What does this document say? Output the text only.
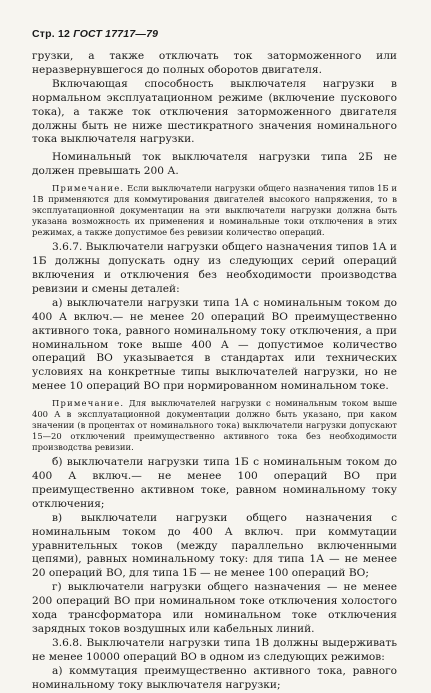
Стр. 12 ГОСТ 17717—79

грузки, а также отключать ток заторможенного или неразвернувшегося до полных оборотов двигателя.

Включающая способность выключателя нагрузки в нормальном эксплуатационном режиме (включение пускового тока), а также ток отключения заторможенного двигателя должны быть не ниже шестикратного значения номинального тока выключателя нагрузки.

Номинальный ток выключателя нагрузки типа 2Б не должен превышать 200 А.

Примечание. Если выключатели нагрузки общего назначения типов 1Б и 1В применяются для коммутирования двигателей высокого напряжения, то в эксплуатационной документации на эти выключатели нагрузки должна быть указана возможность их применения и номинальные токи отключения в этих режимах, а также допустимое без ревизии количество операций.

3.6.7. Выключатели нагрузки общего назначения типов 1А и 1Б должны допускать одну из следующих серий операций включения и отключения без необходимости производства ревизии и смены деталей:

а) выключатели нагрузки типа 1А с номинальным током до 400 А включ.— не менее 20 операций ВО преимущественно активного тока, равного номинальному току отключения, а при номинальном токе выше 400 А — допустимое количество операций ВО указывается в стандартах или технических условиях на конкретные типы выключателей нагрузки, но не менее 10 операций ВО при нормированном номинальном токе.

Примечание. Для выключателей нагрузки с номинальным током выше 400 А в эксплуатационной документации должно быть указано, при каком значении (в процентах от номинального тока) выключатели нагрузки допускают 15—20 отключений преимущественно активного тока без необходимости производства ревизии.

б) выключатели нагрузки типа 1Б с номинальным током до 400 А включ.— не менее 100 операций ВО при преимущественно активном токе, равном номинальному току отключения;

в) выключатели нагрузки общего назначения с номинальным током до 400 А включ. при коммутации уравнительных токов (между параллельно включенными цепями), равных номинальному току: для типа 1А — не менее 20 операций ВО, для типа 1Б — не менее 100 операций ВО;

г) выключатели нагрузки общего назначения — не менее 200 операций ВО при номинальном токе отключения холостого хода трансформатора или номинальном токе отключения зарядных токов воздушных или кабельных линий.

3.6.8. Выключатели нагрузки типа 1В должны выдерживать не менее 10000 операций ВО в одном из следующих режимов:

а) коммутация преимущественно активного тока, равного номинальному току выключателя нагрузки;
